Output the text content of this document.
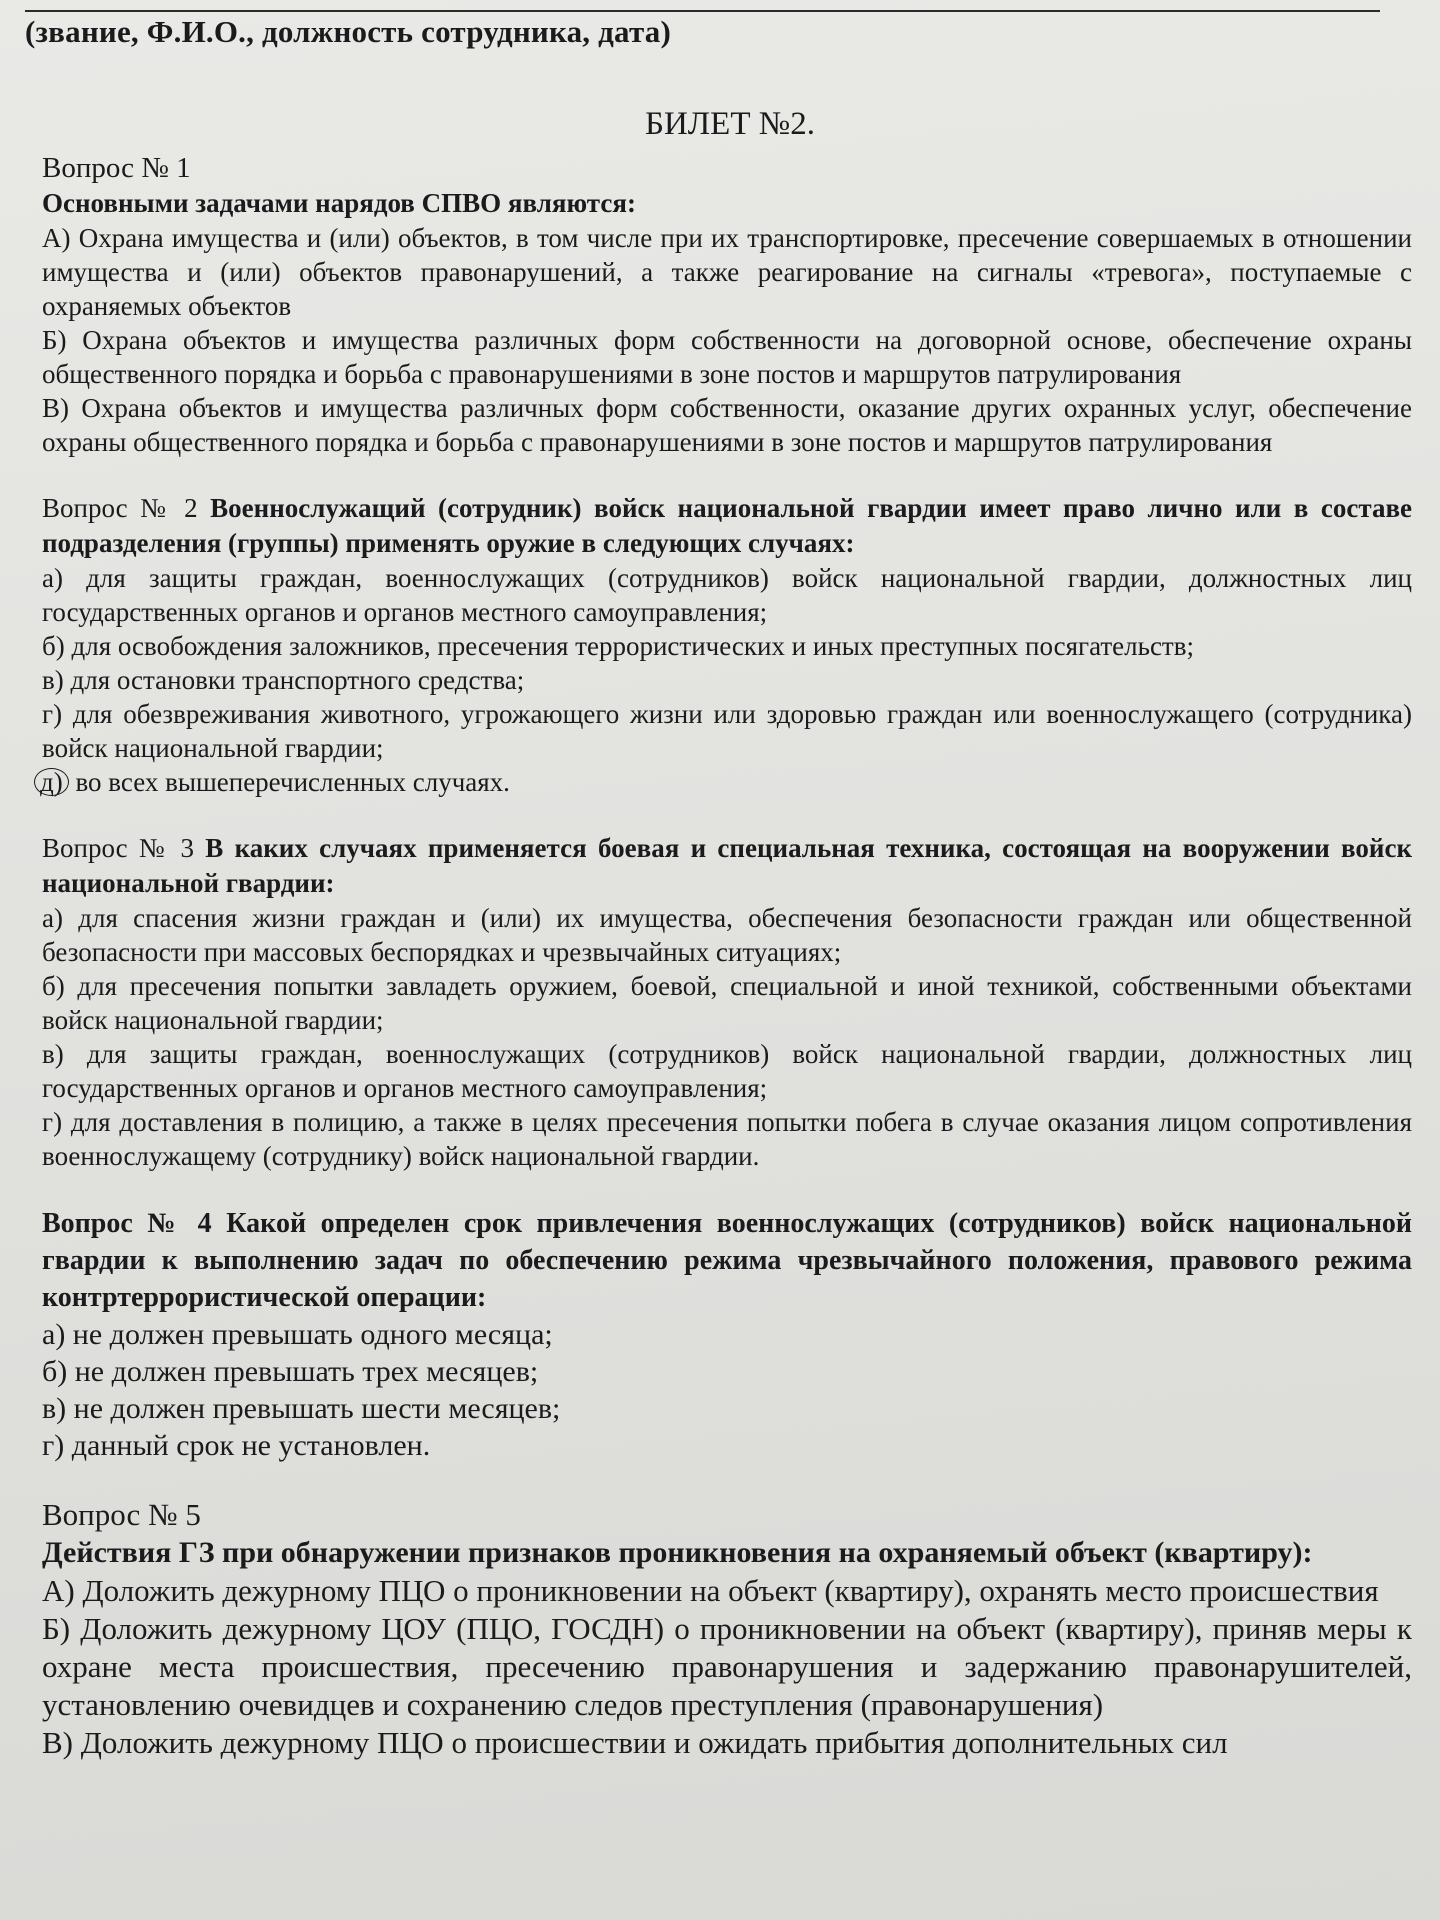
(звание, Ф.И.О., должность сотрудника, дата)
БИЛЕТ №2.
Вопрос № 1
Основными задачами нарядов СПВО являются:
А) Охрана имущества и (или) объектов, в том числе при их транспортировке, пресечение совершаемых в отношении имущества и (или) объектов правонарушений, а также реагирование на сигналы «тревога», поступаемые с охраняемых объектов
Б) Охрана объектов и имущества различных форм собственности на договорной основе, обеспечение охраны общественного порядка и борьба с правонарушениями в зоне постов и маршрутов патрулирования
В) Охрана объектов и имущества различных форм собственности, оказание других охранных услуг, обеспечение охраны общественного порядка и борьба с правонарушениями в зоне постов и маршрутов патрулирования
Вопрос № 2 Военнослужащий (сотрудник) войск национальной гвардии имеет право лично или в составе подразделения (группы) применять оружие в следующих случаях:
а) для защиты граждан, военнослужащих (сотрудников) войск национальной гвардии, должностных лиц государственных органов и органов местного самоуправления;
б) для освобождения заложников, пресечения террористических и иных преступных посягательств;
в) для остановки транспортного средства;
г) для обезвреживания животного, угрожающего жизни или здоровью граждан или военнослужащего (сотрудника) войск национальной гвардии;
д) во всех вышеперечисленных случаях.
Вопрос № 3 В каких случаях применяется боевая и специальная техника, состоящая на вооружении войск национальной гвардии:
а) для спасения жизни граждан и (или) их имущества, обеспечения безопасности граждан или общественной безопасности при массовых беспорядках и чрезвычайных ситуациях;
б) для пресечения попытки завладеть оружием, боевой, специальной и иной техникой, собственными объектами войск национальной гвардии;
в) для защиты граждан, военнослужащих (сотрудников) войск национальной гвардии, должностных лиц государственных органов и органов местного самоуправления;
г) для доставления в полицию, а также в целях пресечения попытки побега в случае оказания лицом сопротивления военнослужащему (сотруднику) войск национальной гвардии.
Вопрос № 4 Какой определен срок привлечения военнослужащих (сотрудников) войск национальной гвардии к выполнению задач по обеспечению режима чрезвычайного положения, правового режима контртеррористической операции:
а) не должен превышать одного месяца;
б) не должен превышать трех месяцев;
в) не должен превышать шести месяцев;
г) данный срок не установлен.
Вопрос № 5
Действия ГЗ при обнаружении признаков проникновения на охраняемый объект (квартиру):
А) Доложить дежурному ПЦО о проникновении на объект (квартиру), охранять место происшествия
Б) Доложить дежурному ЦОУ (ПЦО, ГОСДН) о проникновении на объект (квартиру), приняв меры к охране места происшествия, пресечению правонарушения и задержанию правонарушителей, установлению очевидцев и сохранению следов преступления (правонарушения)
В) Доложить дежурному ПЦО о происшествии и ожидать прибытия дополнительных сил
